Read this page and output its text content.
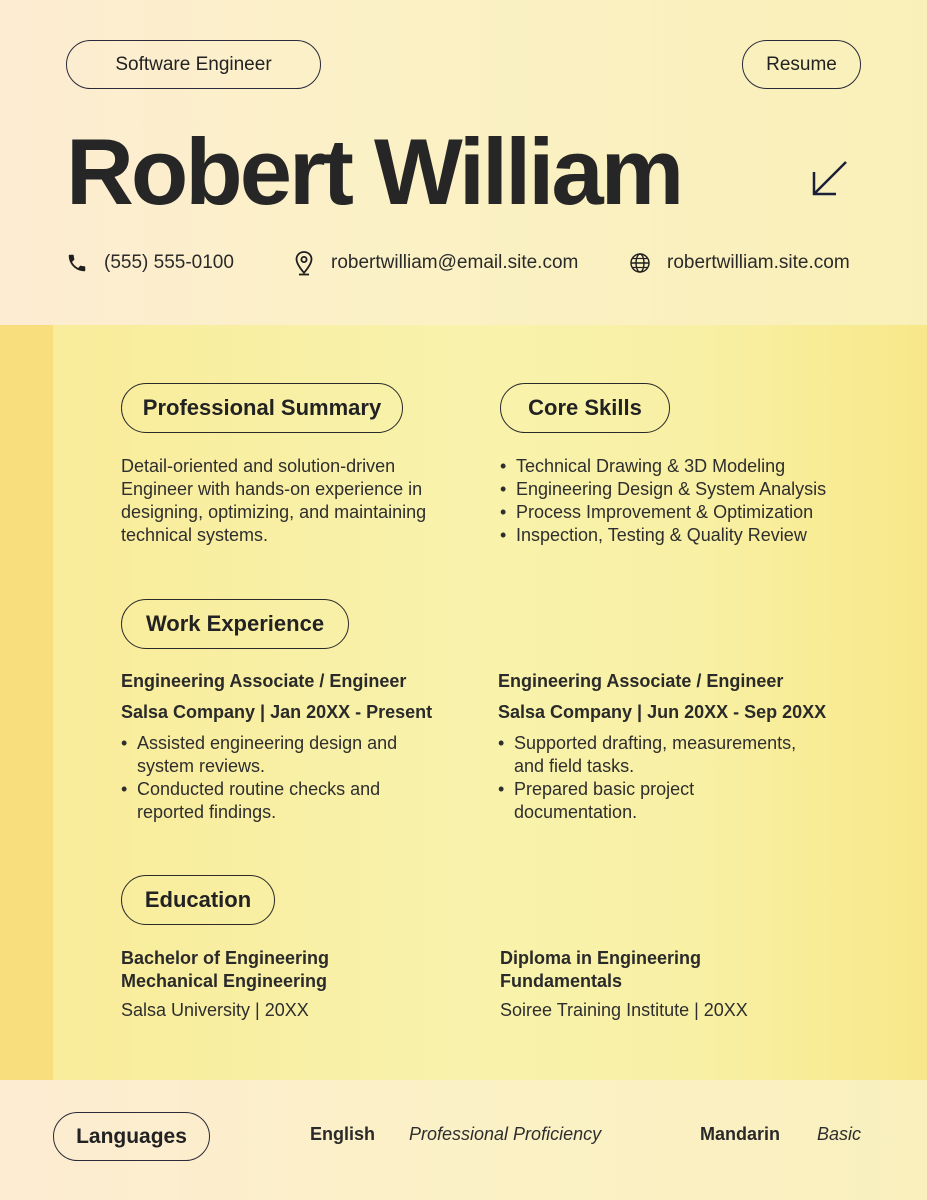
Software Engineer	Resume
Robert William
(555) 555-0100	robertwilliam@email.site.com	robertwilliam.site.com
Professional Summary

Detail-oriented and solution-driven Engineer with hands-on experience in designing, optimizing, and maintaining technical systems.

Core Skills
• Technical Drawing & 3D Modeling
• Engineering Design & System Analysis
• Process Improvement & Optimization
• Inspection, Testing & Quality Review
Work Experience
Engineering Associate / Engineer
Salsa Company | Jan 20XX - Present
• Assisted engineering design and system reviews.
• Conducted routine checks and reported findings.
Engineering Associate / Engineer
Salsa Company | Jun 20XX - Sep 20XX
• Supported drafting, measurements, and field tasks.
• Prepared basic project documentation.
Education
Bachelor of Engineering
Mechanical Engineering
Salsa University | 20XX
Diploma in Engineering
Fundamentals
Soiree Training Institute | 20XX
Languages	English Professional Proficiency	Mandarin Basic
